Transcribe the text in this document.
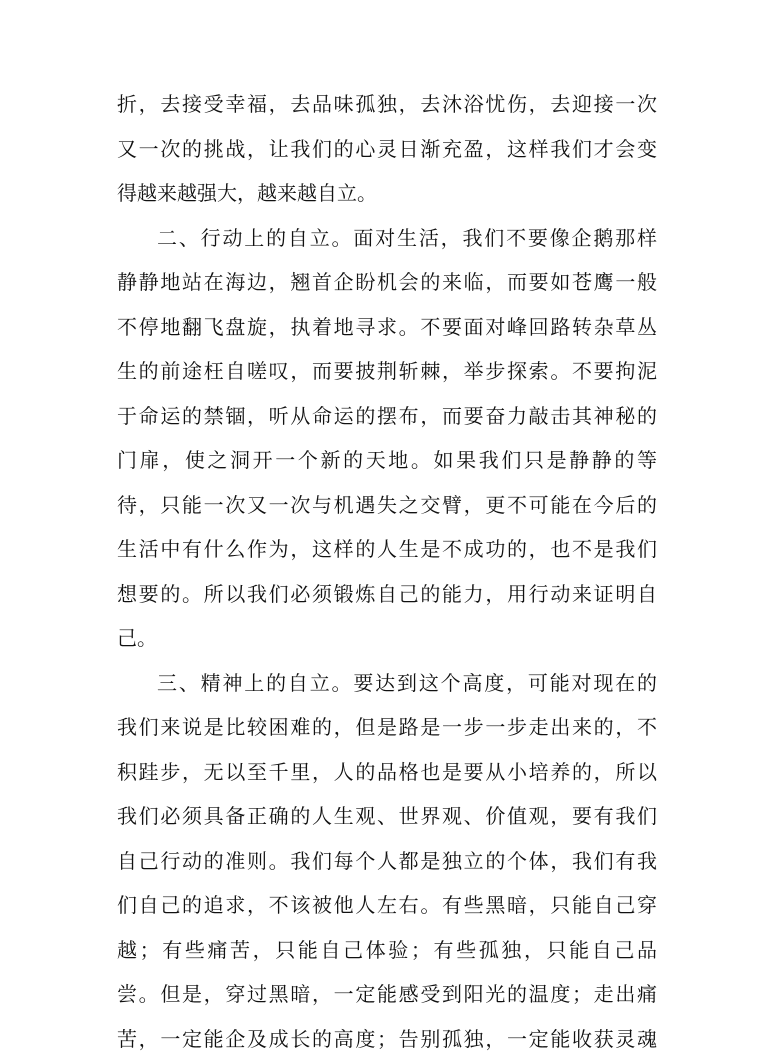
折，去接受幸福，去品味孤独，去沐浴忧伤，去迎接一次
又一次的挑战，让我们的心灵日渐充盈，这样我们才会变
得越来越强大，越来越自立。
二、行动上的自立。面对生活，我们不要像企鹅那样
静静地站在海边，翘首企盼机会的来临，而要如苍鹰一般
不停地翻飞盘旋，执着地寻求。不要面对峰回路转杂草丛
生的前途枉自嗟叹，而要披荆斩棘，举步探索。不要拘泥
于命运的禁锢，听从命运的摆布，而要奋力敲击其神秘的
门扉，使之洞开一个新的天地。如果我们只是静静的等
待，只能一次又一次与机遇失之交臂，更不可能在今后的
生活中有什么作为，这样的人生是不成功的，也不是我们
想要的。所以我们必须锻炼自己的能力，用行动来证明自
己。
三、精神上的自立。要达到这个高度，可能对现在的
我们来说是比较困难的，但是路是一步一步走出来的，不
积跬步，无以至千里，人的品格也是要从小培养的，所以
我们必须具备正确的人生观、世界观、价值观，要有我们
自己行动的准则。我们每个人都是独立的个体，我们有我
们自己的追求，不该被他人左右。有些黑暗，只能自己穿
越；有些痛苦，只能自己体验；有些孤独，只能自己品
尝。但是，穿过黑暗，一定能感受到阳光的温度；走出痛
苦，一定能企及成长的高度；告别孤独，一定能收获灵魂
